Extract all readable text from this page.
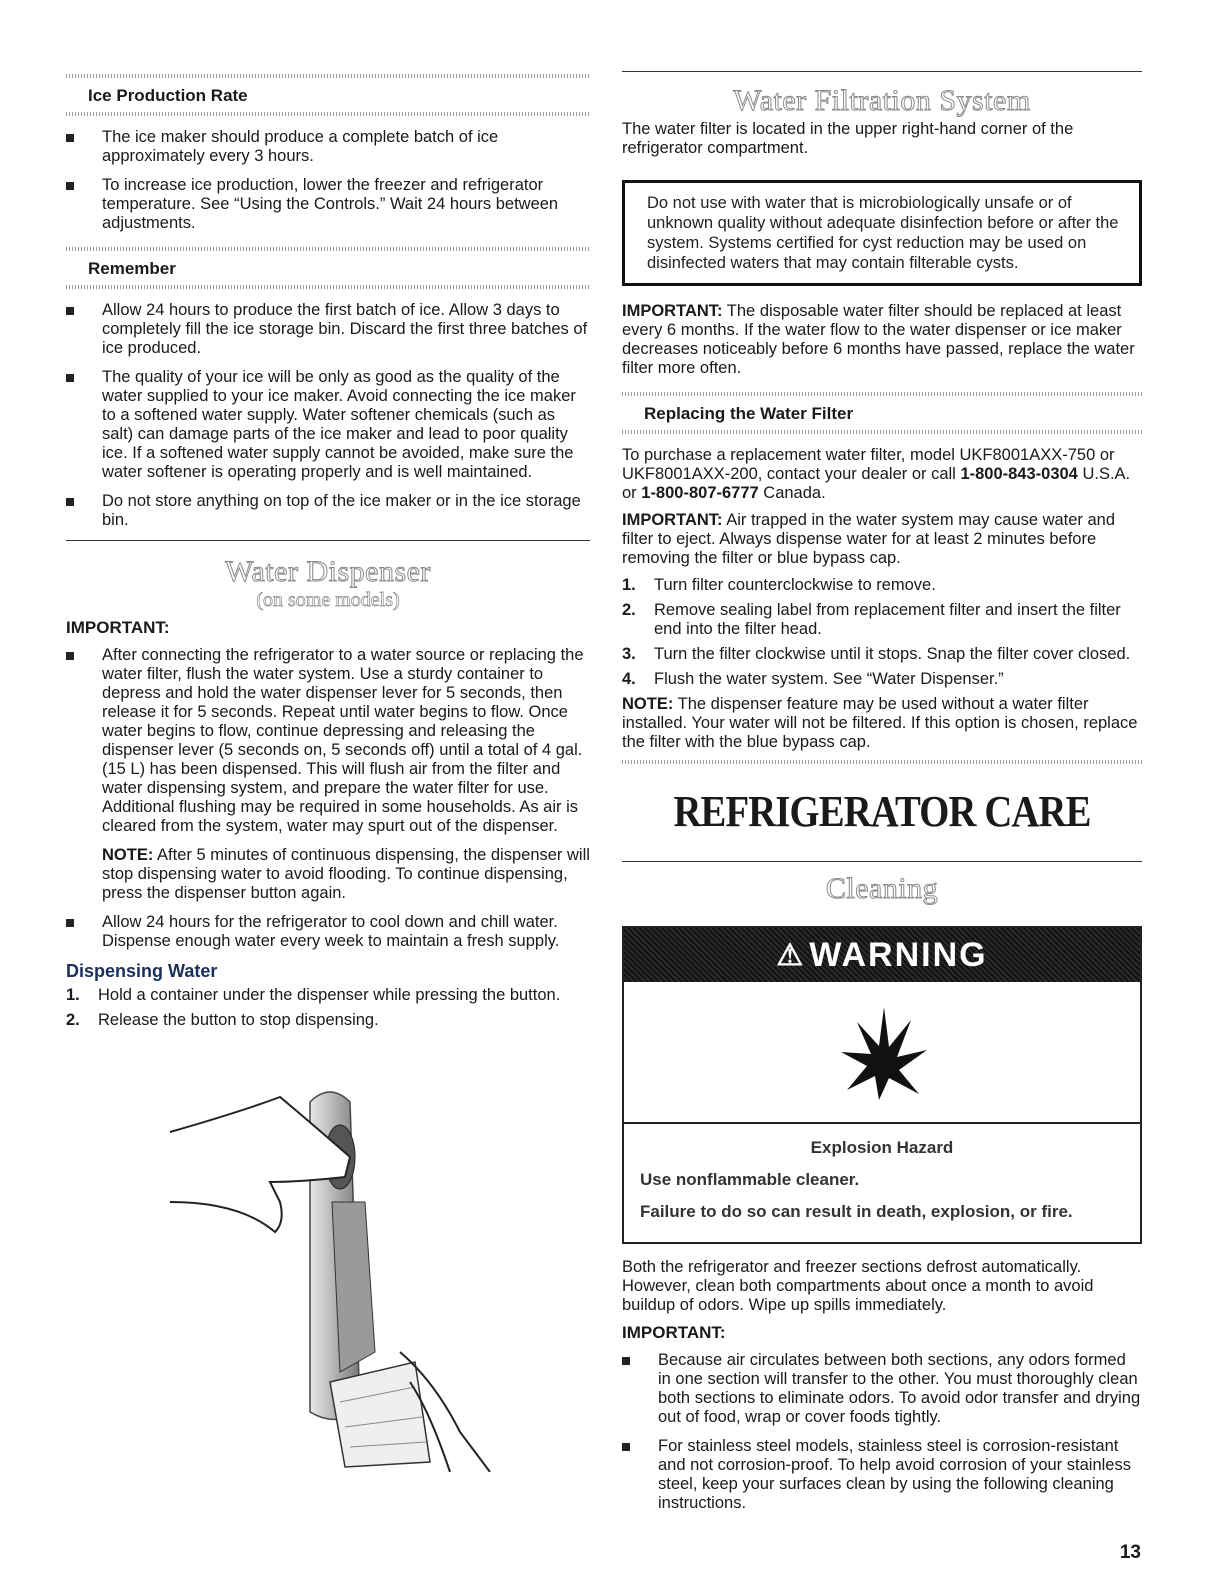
Ice Production Rate
The ice maker should produce a complete batch of ice approximately every 3 hours.
To increase ice production, lower the freezer and refrigerator temperature. See “Using the Controls.” Wait 24 hours between adjustments.
Remember
Allow 24 hours to produce the first batch of ice. Allow 3 days to completely fill the ice storage bin. Discard the first three batches of ice produced.
The quality of your ice will be only as good as the quality of the water supplied to your ice maker. Avoid connecting the ice maker to a softened water supply. Water softener chemicals (such as salt) can damage parts of the ice maker and lead to poor quality ice. If a softened water supply cannot be avoided, make sure the water softener is operating properly and is well maintained.
Do not store anything on top of the ice maker or in the ice storage bin.
Water Dispenser
(on some models)
IMPORTANT:
After connecting the refrigerator to a water source or replacing the water filter, flush the water system. Use a sturdy container to depress and hold the water dispenser lever for 5 seconds, then release it for 5 seconds. Repeat until water begins to flow. Once water begins to flow, continue depressing and releasing the dispenser lever (5 seconds on, 5 seconds off) until a total of 4 gal. (15 L) has been dispensed. This will flush air from the filter and water dispensing system, and prepare the water filter for use. Additional flushing may be required in some households. As air is cleared from the system, water may spurt out of the dispenser.
NOTE: After 5 minutes of continuous dispensing, the dispenser will stop dispensing water to avoid flooding. To continue dispensing, press the dispenser button again.
Allow 24 hours for the refrigerator to cool down and chill water. Dispense enough water every week to maintain a fresh supply.
Dispensing Water
1. Hold a container under the dispenser while pressing the button.
2. Release the button to stop dispensing.
Water Filtration System
The water filter is located in the upper right-hand corner of the refrigerator compartment.
Do not use with water that is microbiologically unsafe or of unknown quality without adequate disinfection before or after the system. Systems certified for cyst reduction may be used on disinfected waters that may contain filterable cysts.
IMPORTANT: The disposable water filter should be replaced at least every 6 months. If the water flow to the water dispenser or ice maker decreases noticeably before 6 months have passed, replace the water filter more often.
Replacing the Water Filter
To purchase a replacement water filter, model UKF8001AXX-750 or UKF8001AXX-200, contact your dealer or call 1-800-843-0304 U.S.A. or 1-800-807-6777 Canada.
IMPORTANT: Air trapped in the water system may cause water and filter to eject. Always dispense water for at least 2 minutes before removing the filter or blue bypass cap.
1. Turn filter counterclockwise to remove.
2. Remove sealing label from replacement filter and insert the filter end into the filter head.
3. Turn the filter clockwise until it stops. Snap the filter cover closed.
4. Flush the water system. See “Water Dispenser.”
NOTE: The dispenser feature may be used without a water filter installed. Your water will not be filtered. If this option is chosen, replace the filter with the blue bypass cap.
REFRIGERATOR CARE
Cleaning
⚠ WARNING
Explosion Hazard
Use nonflammable cleaner.
Failure to do so can result in death, explosion, or fire.
Both the refrigerator and freezer sections defrost automatically. However, clean both compartments about once a month to avoid buildup of odors. Wipe up spills immediately.
IMPORTANT:
Because air circulates between both sections, any odors formed in one section will transfer to the other. You must thoroughly clean both sections to eliminate odors. To avoid odor transfer and drying out of food, wrap or cover foods tightly.
For stainless steel models, stainless steel is corrosion-resistant and not corrosion-proof. To help avoid corrosion of your stainless steel, keep your surfaces clean by using the following cleaning instructions.
13
